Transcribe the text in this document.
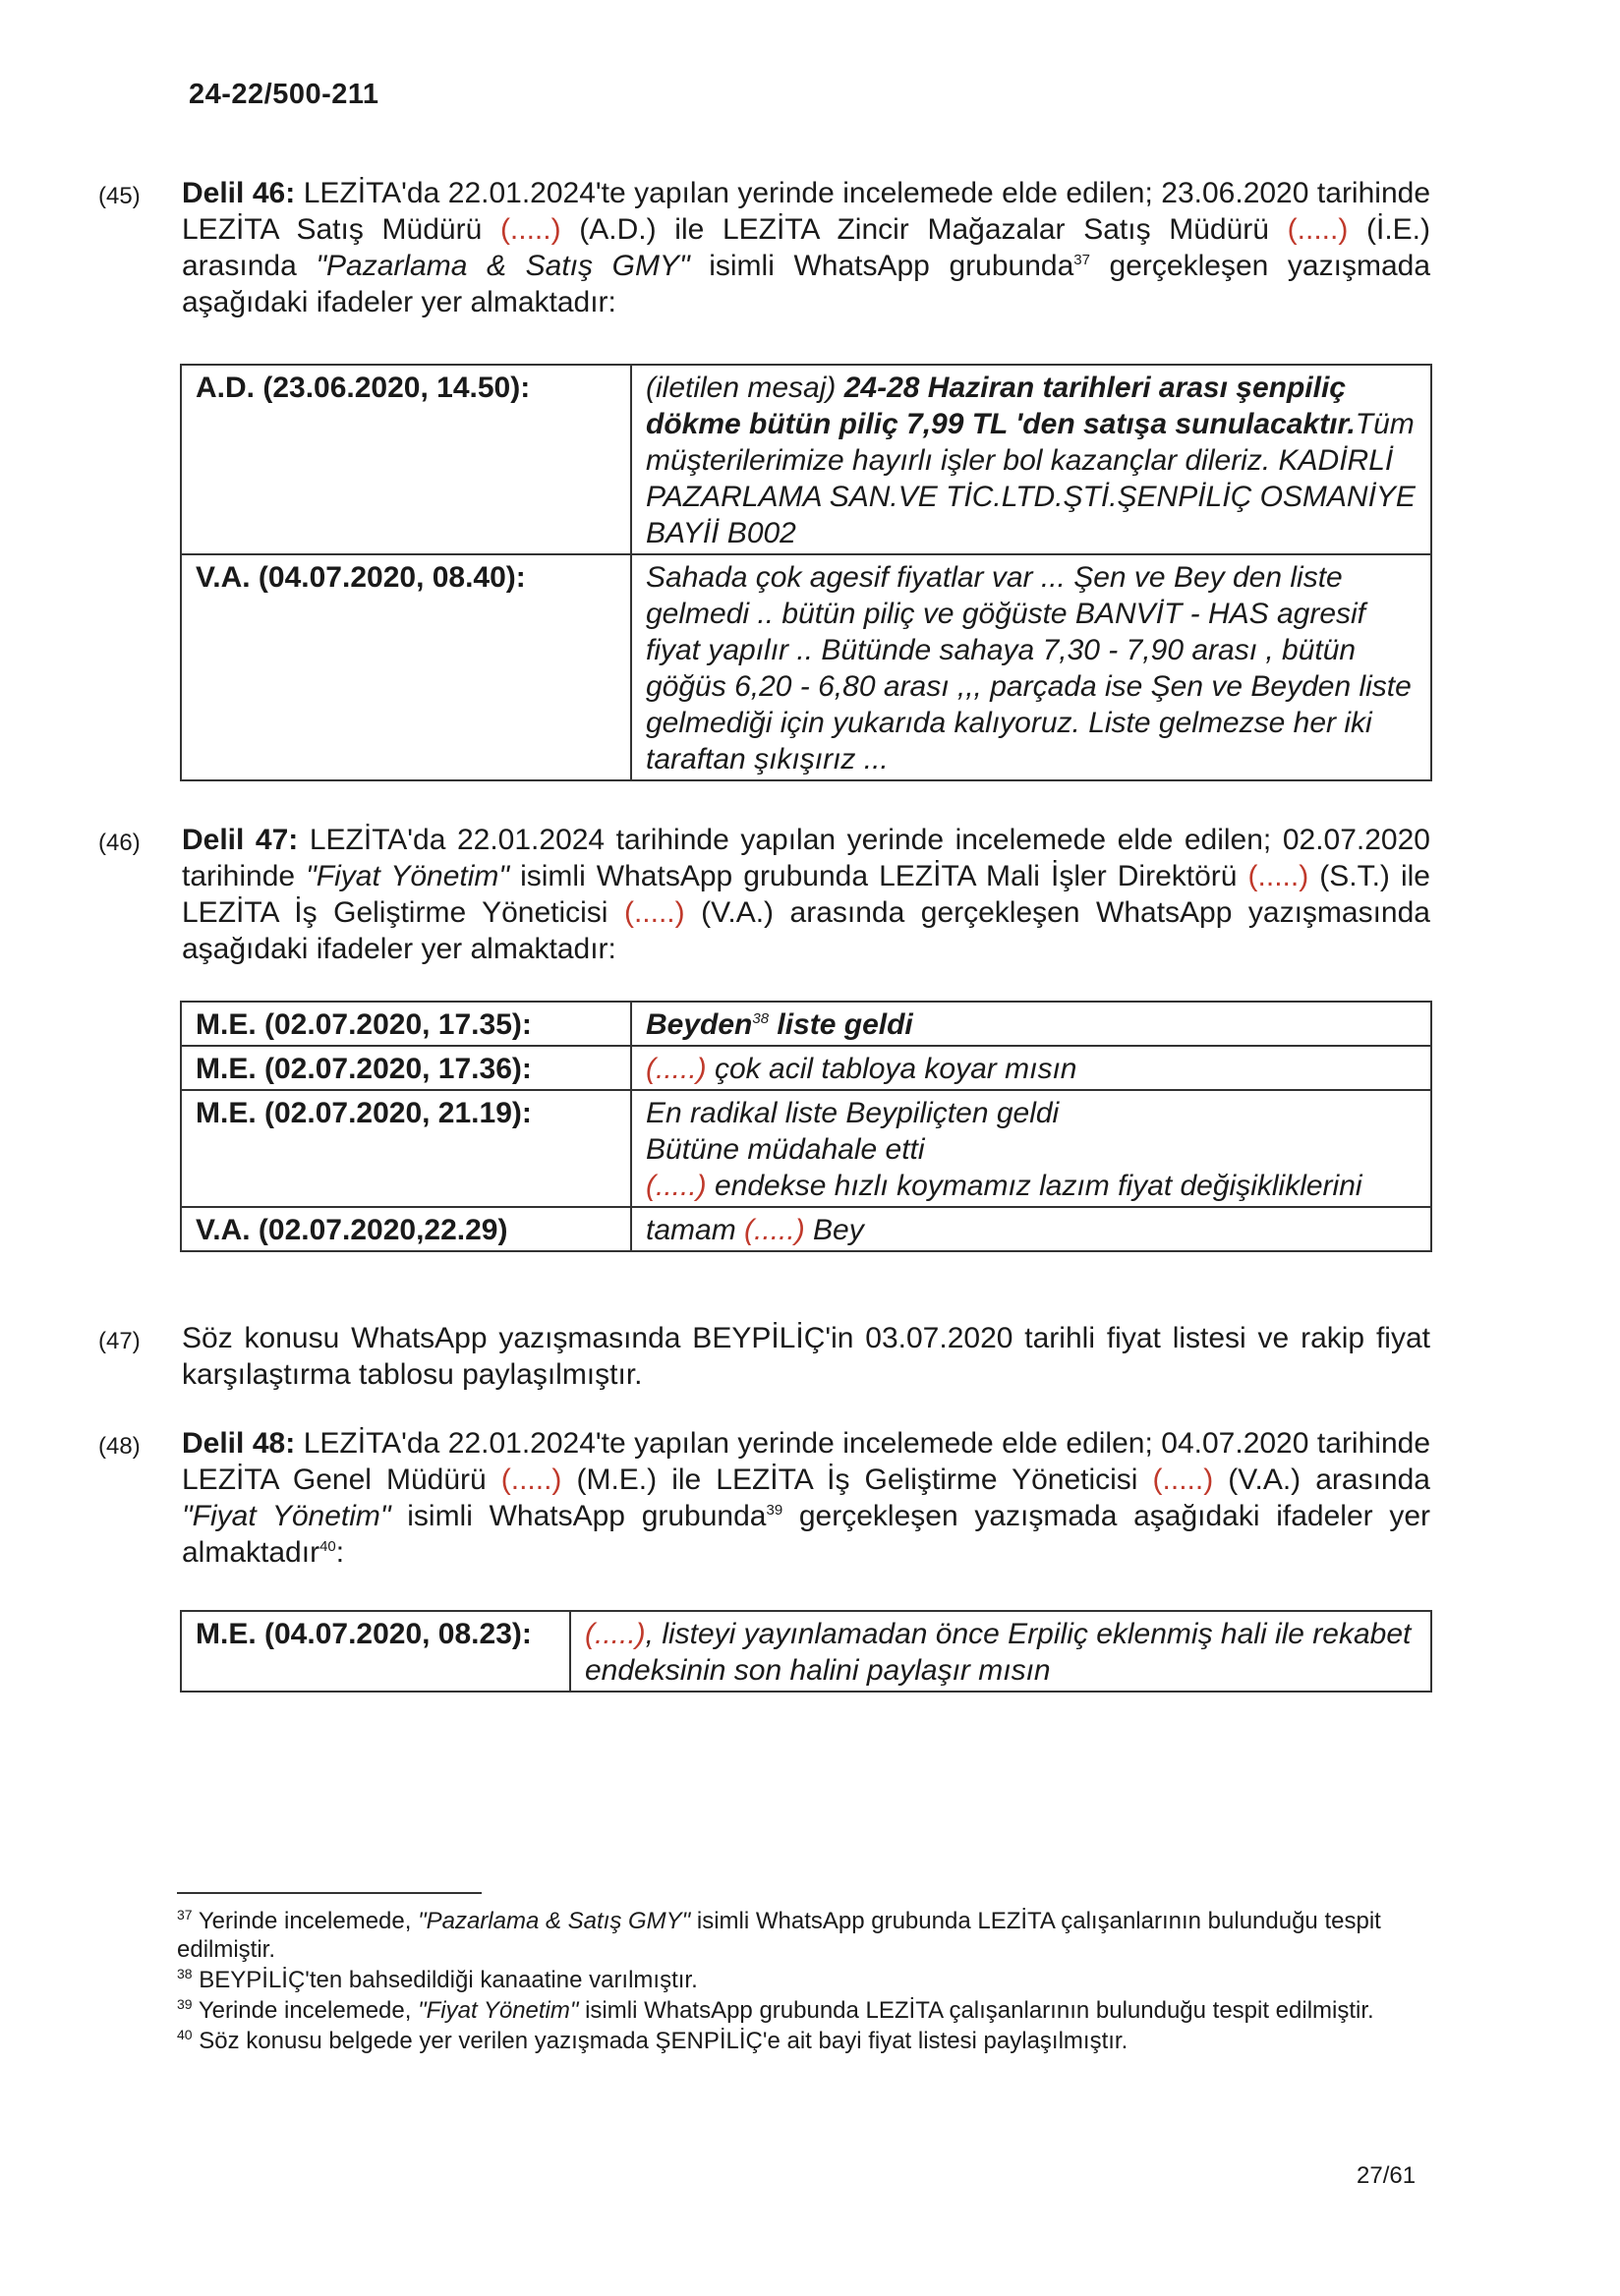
24-22/500-211
(45)	Delil 46: LEZİTA'da 22.01.2024'te yapılan yerinde incelemede elde edilen; 23.06.2020 tarihinde LEZİTA Satış Müdürü (.....) (A.D.) ile LEZİTA Zincir Mağazalar Satış Müdürü (.....) (İ.E.) arasında "Pazarlama & Satış GMY" isimli WhatsApp grubunda$^{37}$ gerçekleşen yazışmada aşağıdaki ifadeler yer almaktadır:
A.D. (23.06.2020, 14.50):	(iletilen mesaj) 24-28 Haziran tarihleri arası şenpiliç dökme bütün piliç 7,99 TL 'den satışa sunulacaktır.Tüm müşterilerimize hayırlı işler bol kazançlar dileriz. KADİRLİ PAZARLAMA SAN.VE TİC.LTD.ŞTİ.ŞENPİLİÇ OSMANİYE BAYİİ B002
V.A. (04.07.2020, 08.40):	Sahada çok agesif fiyatlar var ... Şen ve Bey den liste gelmedi .. bütün piliç ve göğüste BANVİT - HAS agresif fiyat yapılır .. Bütünde sahaya 7,30 - 7,90 arası , bütün göğüs 6,20 - 6,80 arası ,,, parçada ise Şen ve Beyden liste gelmediği için yukarıda kalıyoruz. Liste gelmezse her iki taraftan şıkışırız ...
(46)	Delil 47: LEZİTA'da 22.01.2024 tarihinde yapılan yerinde incelemede elde edilen; 02.07.2020 tarihinde "Fiyat Yönetim" isimli WhatsApp grubunda LEZİTA Mali İşler Direktörü (.....) (S.T.) ile LEZİTA İş Geliştirme Yöneticisi (.....) (V.A.) arasında gerçekleşen WhatsApp yazışmasında aşağıdaki ifadeler yer almaktadır:
M.E. (02.07.2020, 17.35):	Beyden$^{38}$ liste geldi
M.E. (02.07.2020, 17.36):	(.....) çok acil tabloya koyar mısın
M.E. (02.07.2020, 21.19):	En radikal liste Beypiliçten geldi
Bütüne müdahale etti
(.....) endekse hızlı koymamız lazım fiyat değişikliklerini

V.A. (02.07.2020,22.29)	tamam (.....) Bey
(47)	Söz konusu WhatsApp yazışmasında BEYPİLİÇ'in 03.07.2020 tarihli fiyat listesi ve rakip fiyat karşılaştırma tablosu paylaşılmıştır.
(48)	Delil 48: LEZİTA'da 22.01.2024'te yapılan yerinde incelemede elde edilen; 04.07.2020 tarihinde LEZİTA Genel Müdürü (.....) (M.E.) ile LEZİTA İş Geliştirme Yöneticisi (.....) (V.A.) arasında "Fiyat Yönetim" isimli WhatsApp grubunda$^{39}$ gerçekleşen yazışmada aşağıdaki ifadeler yer almaktadır$^{40}$:
M.E. (04.07.2020, 08.23):	(.....), listeyi yayınlamadan önce Erpiliç eklenmiş hali ile rekabet endeksinin son halini paylaşır mısın
$^{37}$ Yerinde incelemede, "Pazarlama & Satış GMY" isimli WhatsApp grubunda LEZİTA çalışanlarının bulunduğu tespit edilmiştir.
$^{38}$ BEYPİLİÇ'ten bahsedildiği kanaatine varılmıştır.
$^{39}$ Yerinde incelemede, "Fiyat Yönetim" isimli WhatsApp grubunda LEZİTA çalışanlarının bulunduğu tespit edilmiştir.
$^{40}$ Söz konusu belgede yer verilen yazışmada ŞENPİLİÇ'e ait bayi fiyat listesi paylaşılmıştır.
27/61
